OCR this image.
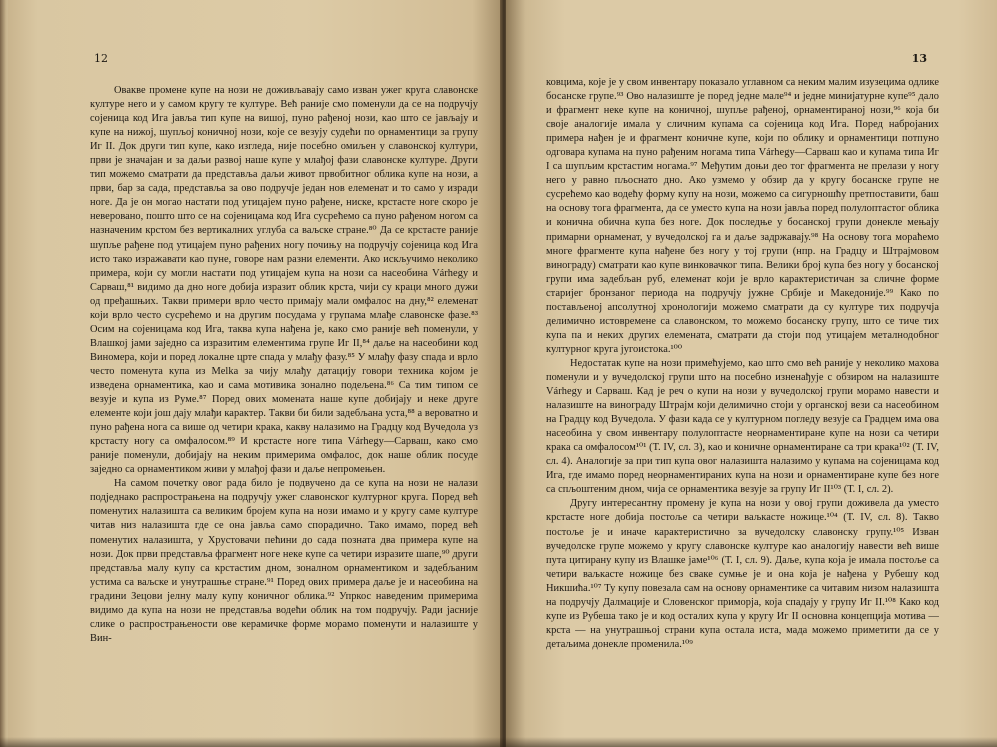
12

Овакве промене купе на нози не доживљавају само изван ужег круга славонске културе него и у самом кругу те културе. Већ раније смо поменули да се на подручју сојеница код Ига јавља тип купе на вишој, пуно рађеној нози, као што се јављају и купе на нижој, шупљој коничној нози, које се везују судећи по орнаментици за групу Иг II. Док други тип купе, како изгледа, није посебно омиљен у славонској култури, први је значајан и за даљи развој наше купе у млађој фази славонске културе. Други тип можемо сматрати да представља даљи живот првобитног облика купе на нози, а први, бар за сада, представља за ово подручје један нов елеменат и то само у изради ноге. Да је он могао настати под утицајем пуно рађене, ниске, крстасте ноге скоро је неверовано, пошто што се на сојеницама код Ига сусрећемо са пуно рађеном ногом са назначеним крстом без вертикалних углуба са ваљске стране.⁸⁰ Да се крстасте раније шупље рађене под утицајем пуно рађених ногу почињу на подручју сојеница код Ига исто тако изражавати као пуне, говоре нам разни елементи. Ако искључимо неколико примера, који су могли настати под утицајем купа на нози са насеобина Várhegy и Сарваш,⁸¹ видимо да дно ноге добија изразит облик крста, чији су краци много дужи од пређашњих. Такви примери врло често примају мали омфалос на дну,⁸² елеменат који врло често сусрећемо и на другим посудама у групама млађе славонске фазе.⁸³ Осим на сојеницама код Ига, таква купа нађена је, како смо раније већ поменули, у Влашкој јами заједно са изразитим елементима групе Иг II,⁸⁴ даље на насеобини код Виномера, који и поред локалне црте спада у млађу фазу.⁸⁵ У млађу фазу спада и врло често поменута купа из Melka за чију млађу датацију говори техника којом је изведена орнаментика, као и сама мотивика зонално подељена.⁸⁶ Са тим типом се везује и купа из Руме.⁸⁷ Поред ових момената наше купе добијају и неке друге елементе који још дају млађи карактер. Такви би били задебљана уста,⁸⁸ а вероватно и пуно рађена нога са више од четири крака, какву налазимо на Градцу код Вучедола уз крстасту ногу са омфалосом.⁸⁹ И крстасте ноге типа Várhegy—Сарваш, како смо раније поменули, добијају на неким примерима омфалос, док наше облик посуде заједно са орнаментиком живи у млађој фази и даље непромењен.

На самом почетку овог рада било је подвучено да се купа на нози не налази подједнако распрострањена на подручју ужег славонског културног круга. Поред већ поменутих налазишта са великим бројем купа на нози имамо и у кругу саме културе читав низ налазишта где се она јавља само спорадично. Тако имамо, поред већ поменутих налазишта, у Хрустовачи пећини до сада позната два примера купе на нози. Док први представља фрагмент ноге неке купе са четири изразите шапе,⁹⁰ други представља малу купу са крстастим дном, зоналном орнаментиком и задебљаним устима са ваљске и унутрашње стране.⁹¹ Поред ових примера даље је и насеобина на градини Зецови јелну малу купу коничног облика.⁹² Упркос наведеним примерима видимо да купа на нози не представља водећи облик на том подручју. Ради јасније слике о распрострањености ове керамичке форме морамо поменути и налазиште у Вин-

13

ковцима, које је у свом инвентару показало углавном са неким малим изузецима одлике босанске групе.⁹³ Ово налазиште је поред једне мале⁹⁴ и једне минијатурне купе⁹⁵ дало и фрагмент неке купе на коничној, шупље рађеној, орнаментираној нози,⁹⁶ која би своје аналогије имала у сличним купама са сојеница код Ига. Поред набројаних примера нађен је и фрагмент коничне купе, који по облику и орнаментици потпуно одговара купама на пуно рађеним ногама типа Várhegy—Сарваш као и купама типа Иг I са шупљим крстастим ногама.⁹⁷ Међутим доњи део тог фрагмента не прелази у ногу него у равно пљоснато дно. Ако узмемо у обзир да у кругу босанске групе не сусрећемо као водећу форму купу на нози, можемо са сигурношћу претпоставити, баш на основу тога фрагмента, да се уместо купа на нози јавља поред полулоптастог облика и конична обична купа без ноге. Док последње у босанској групи донекле мењају примарни орнаменат, у вучедолској га и даље задржавају.⁹⁸ На основу тога мораћемо многе фрагменте купа нађене без ногу у тој групи (нпр. на Градцу и Штрајмовом винограду) сматрати као купе винковачког типа. Велики број купа без ногу у босанској групи има задебљан руб, елеменат који је врло карактеристичан за сличне форме старијег бронзаног периода на подручју јужне Србије и Македоније.⁹⁹ Како по постављеној апсолутној хронологији можемо сматрати да су културе тих подручја делимично истовремене са славонском, то можемо босанску групу, што се тиче тих купа па и неких других елемената, сматрати да стоји под утицајем металнодобног културног круга југоистока.¹⁰⁰

Недостатак купе на нози примећујемо, као што смо већ раније у неколико махова поменули и у вучедолској групи што на посебно изненађује с обзиром на налазиште Várhegy и Сарваш. Кад је реч о купи на нози у вучедолској групи морамо навести и налазиште на винограду Штрајм који делимично стоји у органској вези са насеобином на Градцу код Вучедола. У фази када се у културном погледу везује са Градцем има ова насеобина у свом инвентару полулоптасте неорнаментиране купе на нози са четири крака са омфалосом¹⁰¹ (Т. IV, сл. 3), као и коничне орнаментиране са три крака¹⁰² (Т. IV, сл. 4). Аналогије за при тип купа овог налазишта налазимо у купама на сојеницама код Ига, где имамо поред неорнаментираних купа на нози и орнаментиране купе без ноге са спљоштеним дном, чија се орнаментика везује за групу Иг II¹⁰³ (Т. I, сл. 2).

Другу интересантну промену је купа на нози у овој групи доживела да уместо крстасте ноге добија постоље са четири ваљкасте ножице.¹⁰⁴ (Т. IV, сл. 8). Такво постоље је и иначе карактеристично за вучедолску славонску групу.¹⁰⁵ Изван вучедолске групе можемо у кругу славонске културе као аналогију навести већ више пута цитирану купу из Влашке јаме¹⁰⁶ (Т. I, сл. 9). Даље, купа која је имала постоље са четири ваљкасте ножице без сваке сумње је и она која је нађена у Рубешу код Никшића.¹⁰⁷ Ту купу повезала сам на основу орнаментике са читавим низом налазишта на подручју Далмације и Словенског приморја, која спадају у групу Иг II.¹⁰⁸ Како код купе из Рубеша тако је и код осталих купа у кругу Иг II основна концепција мотива — крста — на унутрашњој страни купа остала иста, мада можемо приметити да се у детаљима донекле променила.¹⁰⁹
